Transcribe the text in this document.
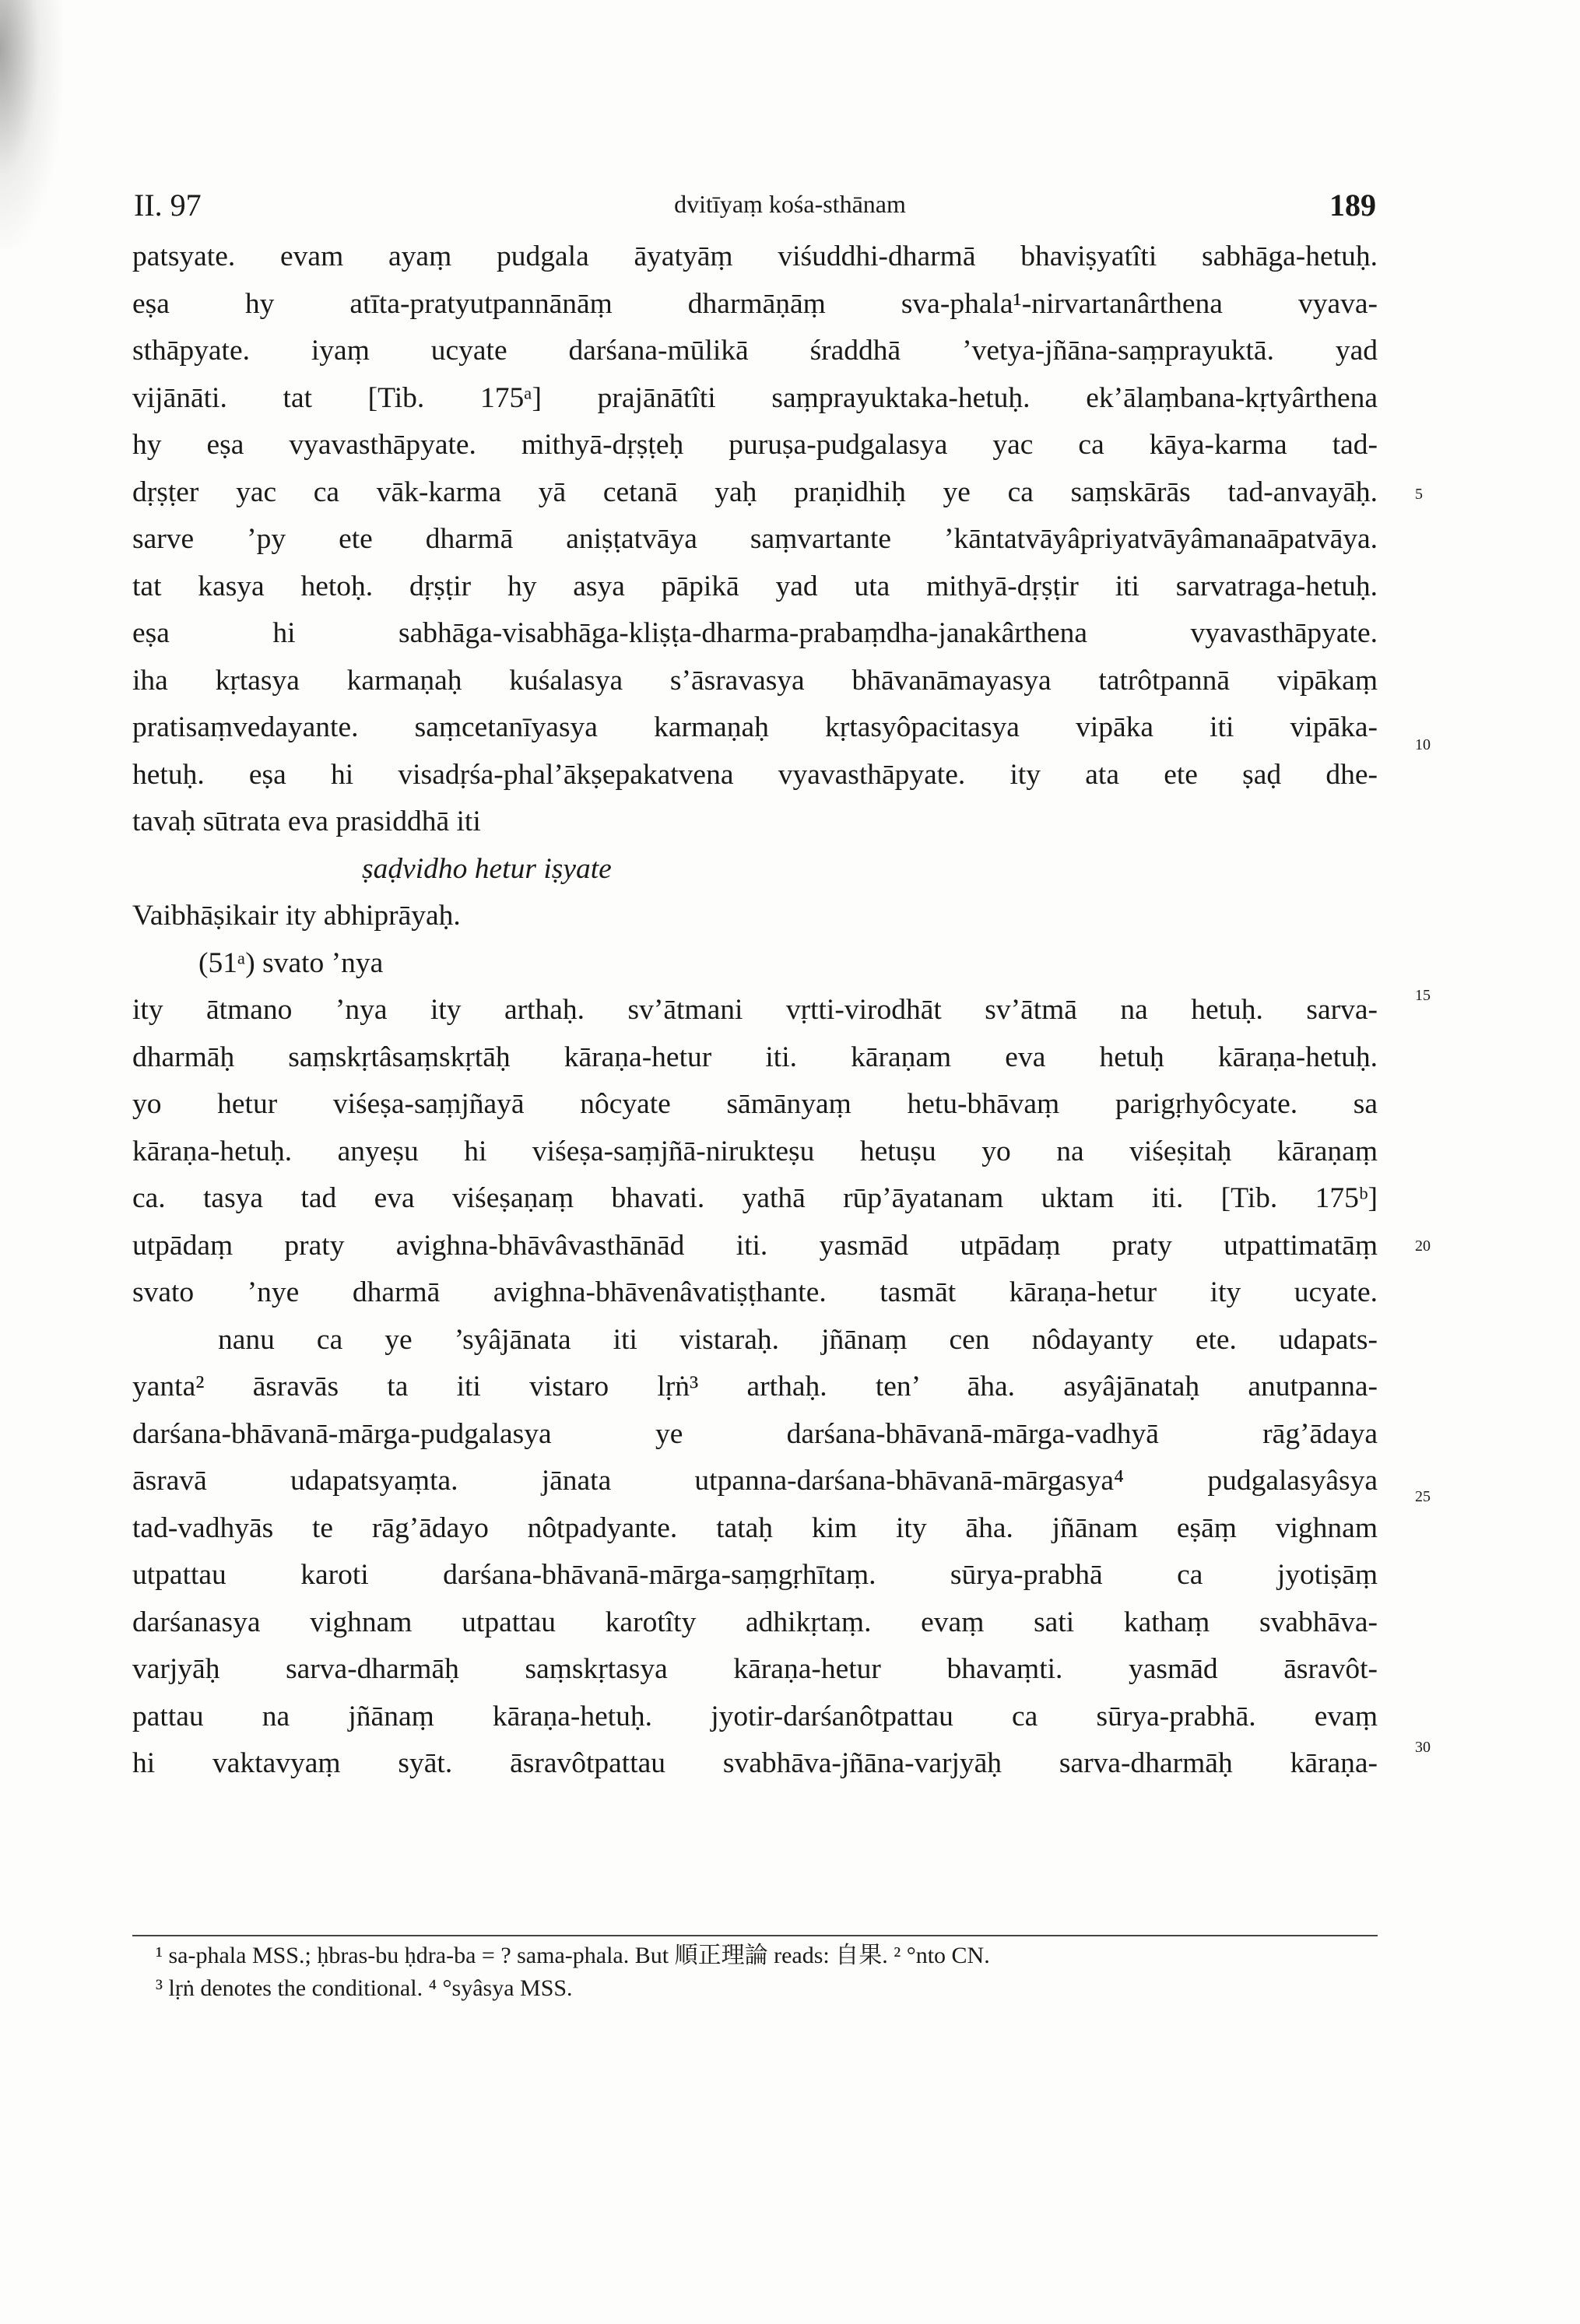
II. 97	dvitīyaṃ kośa-sthānam	189
patsyate. evam ayaṃ pudgala āyatyāṃ viśuddhi-dharmā bhaviṣyatîti sabhāga-hetuḥ.
eṣa hy atīta-pratyutpannānāṃ dharmāṇāṃ sva-phala¹-nirvartanârthena vyava-
sthāpyate. iyaṃ ucyate darśana-mūlikā śraddhā ’vetya-jñāna-saṃprayuktā. yad
vijānāti. tat [Tib. 175ᵃ] prajānātîti saṃprayuktaka-hetuḥ. ek’ālaṃbana-kṛtyârthena
hy eṣa vyavasthāpyate. mithyā-dṛṣṭeḥ puruṣa-pudgalasya yac ca kāya-karma tad-
dṛṣṭer yac ca vāk-karma yā cetanā yaḥ praṇidhiḥ ye ca saṃskārās tad-anvayāḥ.
sarve ’py ete dharmā aniṣṭatvāya saṃvartante ’kāntatvāyâpriyatvāyâmanaāpatvāya.
tat kasya hetoḥ. dṛṣṭir hy asya pāpikā yad uta mithyā-dṛṣṭir iti sarvatraga-hetuḥ.
eṣa hi sabhāga-visabhāga-kliṣṭa-dharma-prabaṃdha-janakârthena vyavasthāpyate.
iha kṛtasya karmaṇaḥ kuśalasya s’āsravasya bhāvanāmayasya tatrôtpannā vipākaṃ
pratisaṃvedayante. saṃcetanīyasya karmaṇaḥ kṛtasyôpacitasya vipāka iti vipāka-
hetuḥ. eṣa hi visadṛśa-phal’ākṣepakatvena vyavasthāpyate. ity ata ete ṣaḍ dhe-
tavaḥ sūtrata eva prasiddhā iti
ṣaḍvidho hetur iṣyate
Vaibhāṣikair ity abhiprāyaḥ.
(51ᵃ) svato ’nya
ity ātmano ’nya ity arthaḥ. sv’ātmani vṛtti-virodhāt sv’ātmā na hetuḥ. sarva-
dharmāḥ saṃskṛtâsaṃskṛtāḥ kāraṇa-hetur iti. kāraṇam eva hetuḥ kāraṇa-hetuḥ.
yo hetur viśeṣa-saṃjñayā nôcyate sāmānyaṃ hetu-bhāvaṃ parigṛhyôcyate. sa
kāraṇa-hetuḥ. anyeṣu hi viśeṣa-saṃjñā-nirukteṣu hetuṣu yo na viśeṣitaḥ kāraṇaṃ
ca. tasya tad eva viśeṣaṇaṃ bhavati. yathā rūp’āyatanam uktam iti. [Tib. 175ᵇ]
utpādaṃ praty avighna-bhāvâvasthānād iti. yasmād utpādaṃ praty utpattimatāṃ
svato ’nye dharmā avighna-bhāvenâvatiṣṭhante. tasmāt kāraṇa-hetur ity ucyate.
nanu ca ye ’syâjānata iti vistaraḥ. jñānaṃ cen nôdayanty ete. udapats-
yanta² āsravās ta iti vistaro lṛṅ³ arthaḥ. ten’ āha. asyâjānataḥ anutpanna-
darśana-bhāvanā-mārga-pudgalasya ye darśana-bhāvanā-mārga-vadhyā rāg’ādaya
āsravā udapatsyaṃta. jānata utpanna-darśana-bhāvanā-mārgasya⁴ pudgalasyâsya
tad-vadhyās te rāg’ādayo nôtpadyante. tataḥ kim ity āha. jñānam eṣāṃ vighnam
utpattau karoti darśana-bhāvanā-mārga-saṃgṛhītaṃ. sūrya-prabhā ca jyotiṣāṃ
darśanasya vighnam utpattau karotîty adhikṛtaṃ. evaṃ sati kathaṃ svabhāva-
varjyāḥ sarva-dharmāḥ saṃskṛtasya kāraṇa-hetur bhavaṃti. yasmād āsravôt-
pattau na jñānaṃ kāraṇa-hetuḥ. jyotir-darśanôtpattau ca sūrya-prabhā. evaṃ
hi vaktavyaṃ syāt. āsravôtpattau svabhāva-jñāna-varjyāḥ sarva-dharmāḥ kāraṇa-
5
10
15
20
25
30
¹ sa-phala MSS.; ḥbras-bu ḥdra-ba = ? sama-phala. But 順正理論 reads: 自果. ² °nto CN.
³ lṛṅ denotes the conditional. ⁴ °syâsya MSS.
